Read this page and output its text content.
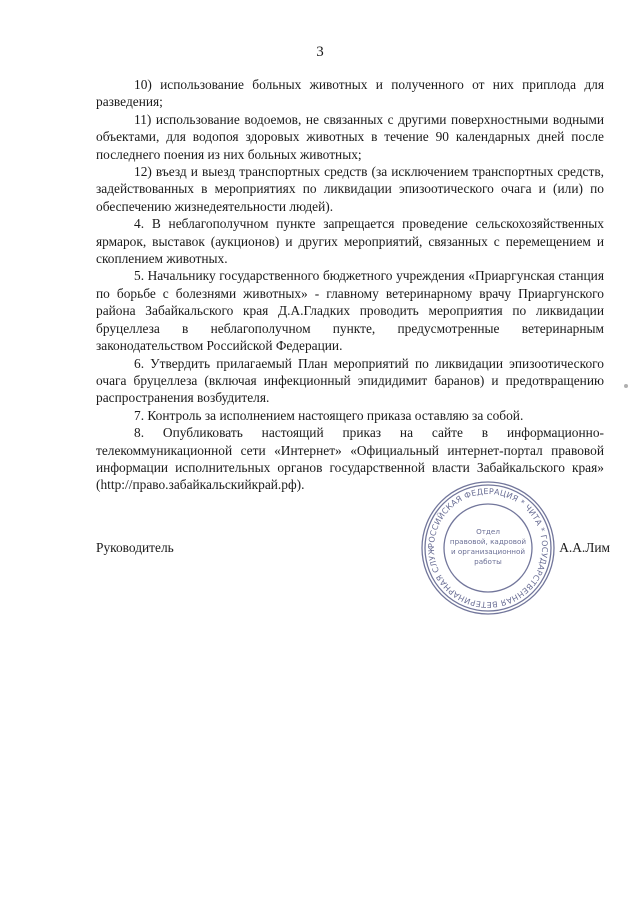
3

10) использование больных животных и полученного от них приплода для разведения;

11) использование водоемов, не связанных с другими поверхностными водными объектами, для водопоя здоровых животных в течение 90 календарных дней после последнего поения из них больных животных;

12) въезд и выезд транспортных средств (за исключением транспортных средств, задействованных в мероприятиях по ликвидации эпизоотического очага и (или) по обеспечению жизнедеятельности людей).

4. В неблагополучном пункте запрещается проведение сельскохозяйственных ярмарок, выставок (аукционов) и других мероприятий, связанных с перемещением и скоплением животных.

5. Начальнику государственного бюджетного учреждения «Приаргунская станция по борьбе с болезнями животных» - главному ветеринарному врачу Приаргунского района Забайкальского края Д.А.Гладких проводить мероприятия по ликвидации бруцеллеза в неблагополучном пункте, предусмотренные ветеринарным законодательством Российской Федерации.

6. Утвердить прилагаемый План мероприятий по ликвидации эпизоотического очага бруцеллеза (включая инфекционный эпидидимит баранов) и предотвращению распространения возбудителя.

7. Контроль за исполнением настоящего приказа оставляю за собой.

8. Опубликовать настоящий приказ на сайте в информационно-телекоммуникационной сети «Интернет» «Официальный интернет-портал правовой информации исполнительных органов государственной власти Забайкальского края» (http://право.забайкальскийкрай.рф).

РОССИЙСКАЯ ФЕДЕРАЦИЯ * ЧИТА * ГОСУДАРСТВЕННАЯ ВЕТЕРИНАРНАЯ СЛУЖ
Отдел
правовой, кадровой
и организационной
работы
Руководитель	А.А.Лим
